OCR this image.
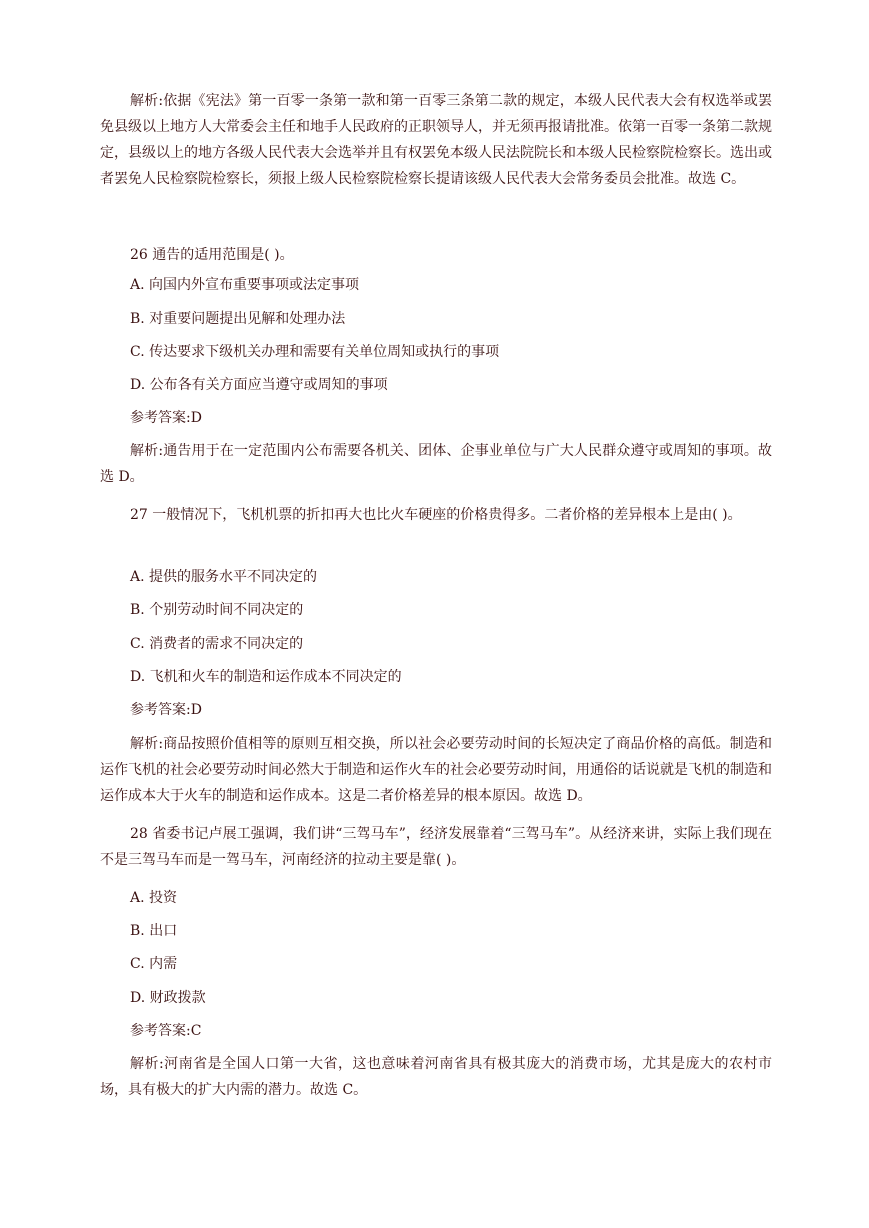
解析:依据《宪法》第一百零一条第一款和第一百零三条第二款的规定，本级人民代表大会有权选举或罢免县级以上地方人大常委会主任和地手人民政府的正职领导人，并无须再报请批准。依第一百零一条第二款规定，县级以上的地方各级人民代表大会选举并且有权罢免本级人民法院院长和本级人民检察院检察长。选出或者罢免人民检察院检察长，须报上级人民检察院检察长提请该级人民代表大会常务委员会批准。故选 C。

26 通告的适用范围是( )。

A. 向国内外宣布重要事项或法定事项

B. 对重要问题提出见解和处理办法

C. 传达要求下级机关办理和需要有关单位周知或执行的事项

D. 公布各有关方面应当遵守或周知的事项

参考答案:D

解析:通告用于在一定范围内公布需要各机关、团体、企事业单位与广大人民群众遵守或周知的事项。故选 D。

27 一般情况下，飞机机票的折扣再大也比火车硬座的价格贵得多。二者价格的差异根本上是由( )。

A. 提供的服务水平不同决定的

B. 个别劳动时间不同决定的

C. 消费者的需求不同决定的

D. 飞机和火车的制造和运作成本不同决定的

参考答案:D

解析:商品按照价值相等的原则互相交换，所以社会必要劳动时间的长短决定了商品价格的高低。制造和运作飞机的社会必要劳动时间必然大于制造和运作火车的社会必要劳动时间，用通俗的话说就是飞机的制造和运作成本大于火车的制造和运作成本。这是二者价格差异的根本原因。故选 D。

28 省委书记卢展工强调，我们讲“三驾马车”，经济发展靠着“三驾马车”。从经济来讲，实际上我们现在不是三驾马车而是一驾马车，河南经济的拉动主要是靠( )。

A. 投资

B. 出口

C. 内需

D. 财政拨款

参考答案:C

解析:河南省是全国人口第一大省，这也意味着河南省具有极其庞大的消费市场，尤其是庞大的农村市场，具有极大的扩大内需的潜力。故选 C。
